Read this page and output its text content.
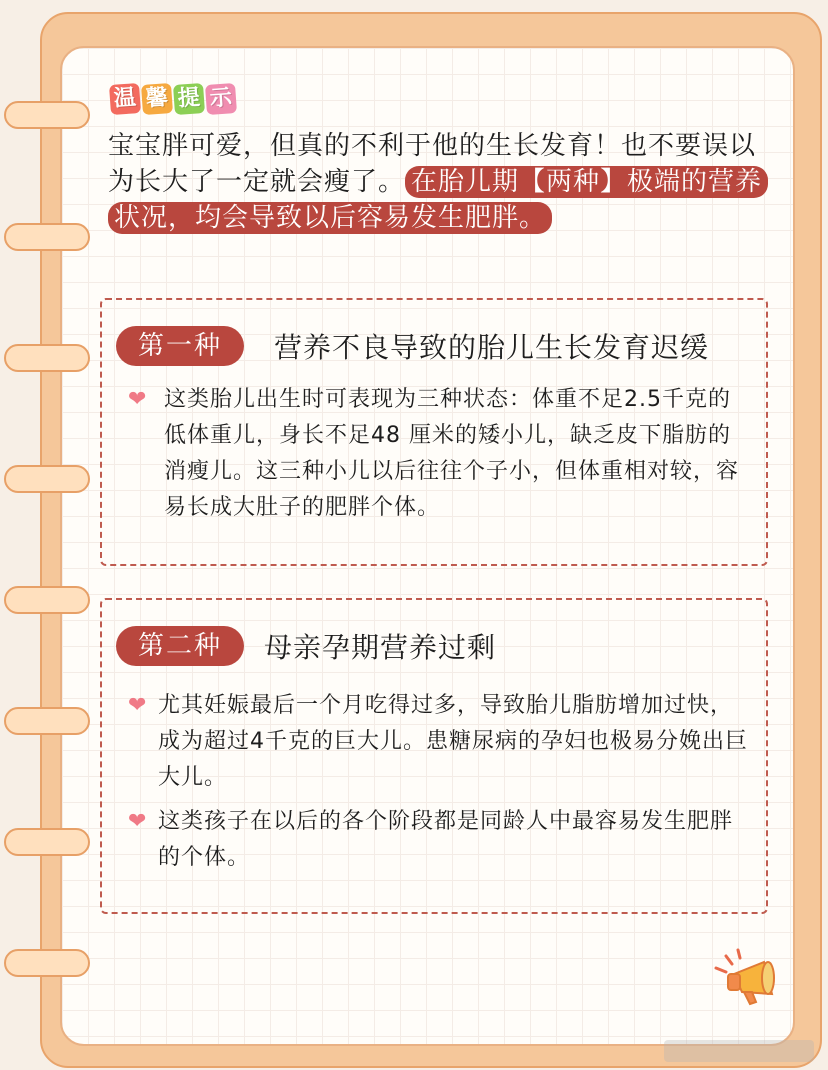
温 馨 提 示
宝宝胖可爱，但真的不利于他的生长发育！也不要误以为长大了一定就会瘦了。 在胎儿期【两种】极端的营养状况，均会导致以后容易发生肥胖。
第一种	营养不良导致的胎儿生长发育迟缓
❤ 这类胎儿出生时可表现为三种状态：体重不足2.5千克的低体重儿，身长不足48 厘米的矮小儿，缺乏皮下脂肪的消瘦儿。这三种小儿以后往往个子小，但体重相对较，容易长成大肚子的肥胖个体。
第二种	母亲孕期营养过剩
❤ 尤其妊娠最后一个月吃得过多，导致胎儿脂肪增加过快，成为超过4千克的巨大儿。患糖尿病的孕妇也极易分娩出巨大儿。
❤ 这类孩子在以后的各个阶段都是同龄人中最容易发生肥胖的个体。
